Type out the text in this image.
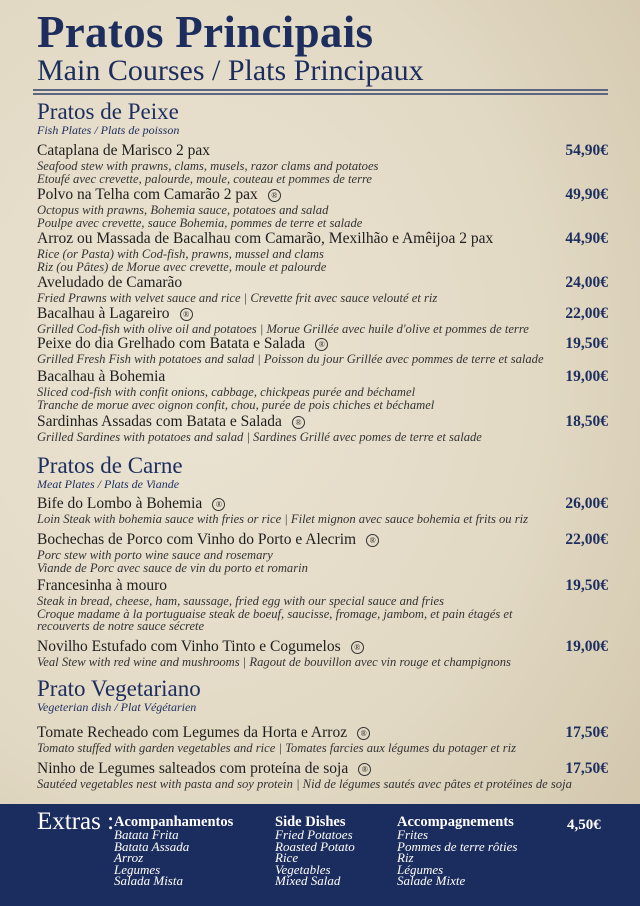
Pratos Principais
Main Courses / Plats Principaux
Pratos de Peixe
Fish Plates / Plats de poisson
Cataplana de Marisco 2 pax
Seafood stew with prawns, clams, musels, razor clams and potatoes
Etoufé avec crevette, palourde, moule, couteau et pommes de terre
54,90€
Polvo na Telha com Camarão 2 pax ®
Octopus with prawns, Bohemia sauce, potatoes and salad
Poulpe avec crevette, sauce Bohemia, pommes de terre et salade
49,90€
Arroz ou Massada de Bacalhau com Camarão, Mexilhão e Amêijoa 2 pax
Rice (or Pasta) with Cod-fish, prawns, mussel and clams
Riz (ou Pâtes) de Morue avec crevette, moule et palourde
44,90€
Aveludado de Camarão
Fried Prawns with velvet sauce and rice | Crevette frit avec sauce velouté et riz
24,00€
Bacalhau à Lagareiro ®
Grilled Cod-fish with olive oil and potatoes | Morue Grillée avec huile d'olive et pommes de terre
22,00€
Peixe do dia Grelhado com Batata e Salada ®
Grilled Fresh Fish with potatoes and salad | Poisson du jour Grillée avec pommes de terre et salade
19,50€
Bacalhau à Bohemia
Sliced cod-fish with confit onions, cabbage, chickpeas purée and béchamel
Tranche de morue avec oignon confit, chou, purée de pois chiches et béchamel
19,00€
Sardinhas Assadas com Batata e Salada ®
Grilled Sardines with potatoes and salad | Sardines Grillé avec pomes de terre et salade
18,50€
Pratos de Carne
Meat Plates / Plats de Viande
Bife do Lombo à Bohemia ®
Loin Steak with bohemia sauce with fries or rice | Filet mignon avec sauce bohemia et frits ou riz
26,00€
Bochechas de Porco com Vinho do Porto e Alecrim ®
Porc stew with porto wine sauce and rosemary
Viande de Porc avec sauce de vin du porto et romarin
22,00€
Francesinha à mouro
Steak in bread, cheese, ham, saussage, fried egg with our special sauce and fries
Croque madame à la portuguaise steak de boeuf, saucisse, fromage, jambom, et pain étagés et
recouverts de notre sauce sécrete
19,50€
Novilho Estufado com Vinho Tinto e Cogumelos ®
Veal Stew with red wine and mushrooms | Ragout de bouvillon avec vin rouge et champignons
19,00€
Prato Vegetariano
Vegeterian dish / Plat Végétarien
Tomate Recheado com Legumes da Horta e Arroz ®
Tomato stuffed with garden vegetables and rice | Tomates farcies aux légumes du potager et riz
17,50€
Ninho de Legumes salteados com proteína de soja ®
Sautéed vegetables nest with pasta and soy protein | Nid de légumes sautés avec pâtes et protéines de soja
17,50€
Extras :	4,50€
Acompanhamentos
Batata Frita
Batata Assada
Arroz
Legumes
Salada Mista
Side Dishes
Fried Potatoes
Roasted Potato
Rice
Vegetables
Mixed Salad
Accompagnements
Frites
Pommes de terre rôties
Riz
Légumes
Salade Mixte
